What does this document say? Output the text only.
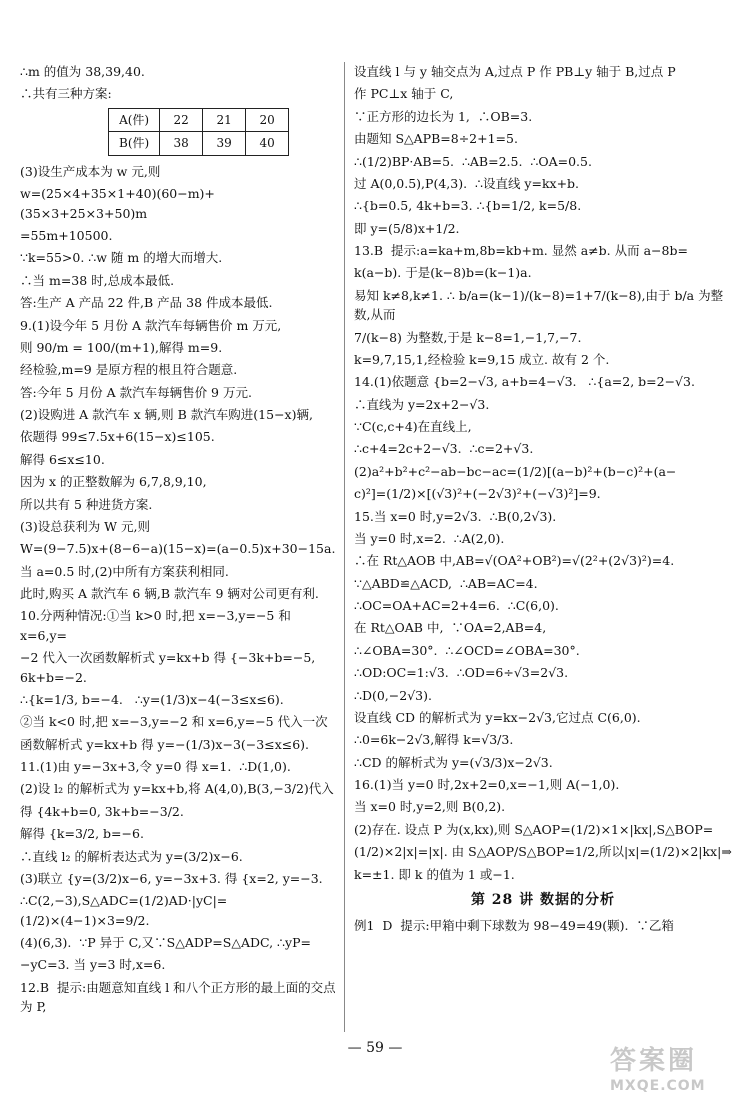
∴m 的值为 38,39,40.

∴共有三种方案:

A(件)	22	21	20
B(件)	38	39	40

(3)设生产成本为 w 元,则

w=(25×4+35×1+40)(60−m)+(35×3+25×3+50)m

=55m+10500.

∵k=55>0. ∴w 随 m 的增大而增大.

∴当 m=38 时,总成本最低.

答:生产 A 产品 22 件,B 产品 38 件成本最低.

9.(1)设今年 5 月份 A 款汽车每辆售价 m 万元,

则 90/m = 100/(m+1),解得 m=9.

经检验,m=9 是原方程的根且符合题意.

答:今年 5 月份 A 款汽车每辆售价 9 万元.

(2)设购进 A 款汽车 x 辆,则 B 款汽车购进(15−x)辆,

依题得 99≤7.5x+6(15−x)≤105.

解得 6≤x≤10.

因为 x 的正整数解为 6,7,8,9,10,

所以共有 5 种进货方案.

(3)设总获利为 W 元,则

W=(9−7.5)x+(8−6−a)(15−x)=(a−0.5)x+30−15a.

当 a=0.5 时,(2)中所有方案获利相同.

此时,购买 A 款汽车 6 辆,B 款汽车 9 辆对公司更有利.

10.分两种情况:①当 k>0 时,把 x=−3,y=−5 和 x=6,y=

−2 代入一次函数解析式 y=kx+b 得 {−3k+b=−5, 6k+b=−2.

∴{k=1/3, b=−4.   ∴y=(1/3)x−4(−3≤x≤6).

②当 k<0 时,把 x=−3,y=−2 和 x=6,y=−5 代入一次

函数解析式 y=kx+b 得 y=−(1/3)x−3(−3≤x≤6).

11.(1)由 y=−3x+3,令 y=0 得 x=1.  ∴D(1,0).

(2)设 l₂ 的解析式为 y=kx+b,将 A(4,0),B(3,−3/2)代入

得 {4k+b=0, 3k+b=−3/2.

解得 {k=3/2, b=−6.

∴直线 l₂ 的解析表达式为 y=(3/2)x−6.

(3)联立 {y=(3/2)x−6, y=−3x+3. 得 {x=2, y=−3.

∴C(2,−3),S△ADC=(1/2)AD·|yC|=(1/2)×(4−1)×3=9/2.

(4)(6,3).  ∵P 异于 C,又∵S△ADP=S△ADC, ∴yP=

−yC=3. 当 y=3 时,x=6.

12.B  提示:由题意知直线 l 和八个正方形的最上面的交点为 P,

设直线 l 与 y 轴交点为 A,过点 P 作 PB⊥y 轴于 B,过点 P

作 PC⊥x 轴于 C,

∵正方形的边长为 1,  ∴OB=3.

由题知 S△APB=8÷2+1=5.

∴(1/2)BP·AB=5.  ∴AB=2.5.  ∴OA=0.5.

过 A(0,0.5),P(4,3).  ∴设直线 y=kx+b.

∴{b=0.5, 4k+b=3. ∴{b=1/2, k=5/8.

即 y=(5/8)x+1/2.

13.B  提示:a=ka+m,8b=kb+m. 显然 a≠b. 从而 a−8b=

k(a−b). 于是(k−8)b=(k−1)a.

易知 k≠8,k≠1. ∴ b/a=(k−1)/(k−8)=1+7/(k−8),由于 b/a 为整数,从而

7/(k−8) 为整数,于是 k−8=1,−1,7,−7.

k=9,7,15,1,经检验 k=9,15 成立. 故有 2 个.

14.(1)依题意 {b=2−√3, a+b=4−√3.   ∴{a=2, b=2−√3.

∴直线为 y=2x+2−√3.

∵C(c,c+4)在直线上,

∴c+4=2c+2−√3.  ∴c=2+√3.

(2)a²+b²+c²−ab−bc−ac=(1/2)[(a−b)²+(b−c)²+(a−

c)²]=(1/2)×[(√3)²+(−2√3)²+(−√3)²]=9.

15.当 x=0 时,y=2√3.  ∴B(0,2√3).

当 y=0 时,x=2.  ∴A(2,0).

∴在 Rt△AOB 中,AB=√(OA²+OB²)=√(2²+(2√3)²)=4.

∵△ABD≌△ACD,  ∴AB=AC=4.

∴OC=OA+AC=2+4=6.  ∴C(6,0).

在 Rt△OAB 中,  ∵OA=2,AB=4,

∴∠OBA=30°.  ∴∠OCD=∠OBA=30°.

∴OD:OC=1:√3.  ∴OD=6÷√3=2√3.

∴D(0,−2√3).

设直线 CD 的解析式为 y=kx−2√3,它过点 C(6,0).

∴0=6k−2√3,解得 k=√3/3.

∴CD 的解析式为 y=(√3/3)x−2√3.

16.(1)当 y=0 时,2x+2=0,x=−1,则 A(−1,0).

当 x=0 时,y=2,则 B(0,2).

(2)存在. 设点 P 为(x,kx),则 S△AOP=(1/2)×1×|kx|,S△BOP=

(1/2)×2|x|=|x|. 由 S△AOP/S△BOP=1/2,所以|x|=(1/2)×2|kx|⇒

k=±1. 即 k 的值为 1 或−1.

第 28 讲 数据的分析

例1  D  提示:甲箱中剩下球数为 98−49=49(颗).  ∵乙箱

— 59 —	答案圈
MXQE.COM
